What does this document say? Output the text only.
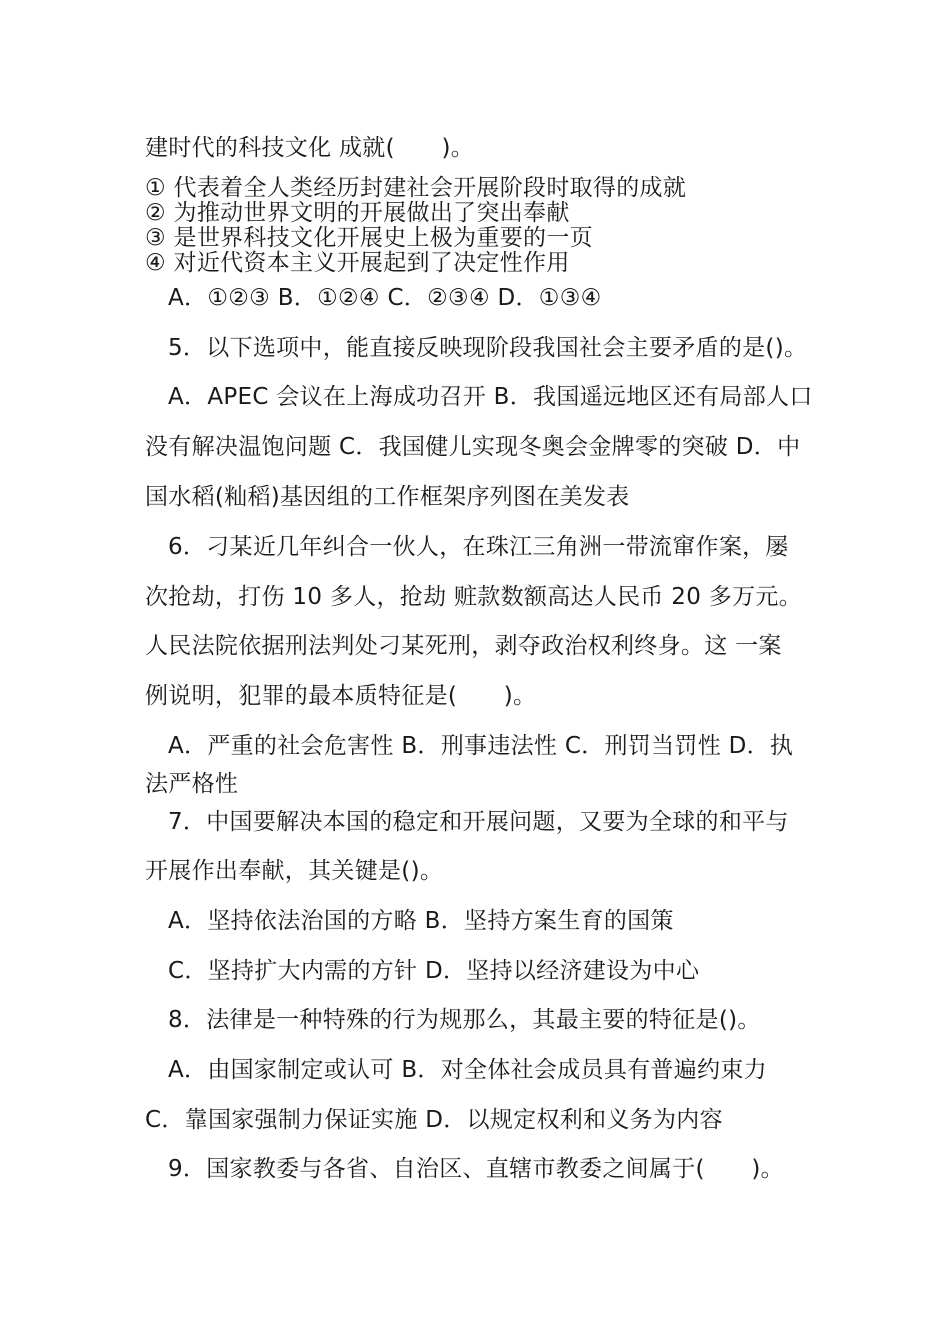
建时代的科技文化 成就(　　)。
① 代表着全人类经历封建社会开展阶段时取得的成就
② 为推动世界文明的开展做出了突出奉献
③ 是世界科技文化开展史上极为重要的一页
④ 对近代资本主义开展起到了决定性作用
A．①②③ B．①②④ C．②③④ D．①③④
5．以下选项中，能直接反映现阶段我国社会主要矛盾的是()。
A．APEC 会议在上海成功召开 B．我国遥远地区还有局部人口
没有解决温饱问题 C．我国健儿实现冬奥会金牌零的突破 D．中
国水稻(籼稻)基因组的工作框架序列图在美发表
6．刁某近几年纠合一伙人，在珠江三角洲一带流窜作案，屡
次抢劫，打伤 10 多人，抢劫 赃款数额高达人民币 20 多万元。
人民法院依据刑法判处刁某死刑，剥夺政治权利终身。这 一案
例说明，犯罪的最本质特征是(　　)。
A．严重的社会危害性 B．刑事违法性 C．刑罚当罚性 D．执
法严格性
7．中国要解决本国的稳定和开展问题，又要为全球的和平与
开展作出奉献，其关键是()。
A．坚持依法治国的方略 B．坚持方案生育的国策
C．坚持扩大内需的方针 D．坚持以经济建设为中心
8．法律是一种特殊的行为规那么，其最主要的特征是()。
A．由国家制定或认可 B．对全体社会成员具有普遍约束力
C．靠国家强制力保证实施 D．以规定权利和义务为内容
9．国家教委与各省、自治区、直辖市教委之间属于(　　)。
